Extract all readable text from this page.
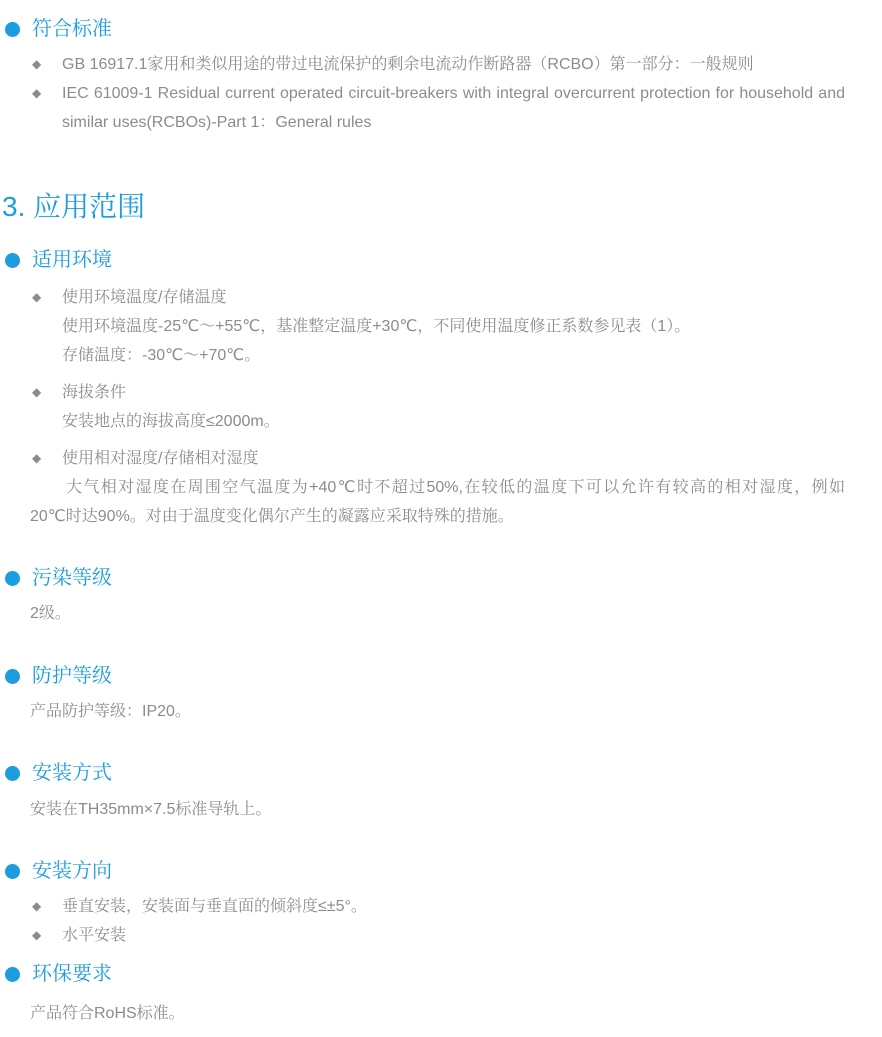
符合标准
◆	GB 16917.1家用和类似用途的带过电流保护的剩余电流动作断路器（RCBO）第一部分：一般规则
◆	IEC 61009-1 Residual current operated circuit-breakers with integral overcurrent protection for household and similar uses(RCBOs)-Part 1：General rules
3. 应用范围
适用环境
◆	使用环境温度/存储温度
使用环境温度-25℃～+55℃，基准整定温度+30℃，不同使用温度修正系数参见表（1）。
存储温度：-30℃～+70℃。
◆	海拔条件
安装地点的海拔高度≤2000m。
◆	使用相对湿度/存储相对湿度
大气相对湿度在周围空气温度为+40℃时不超过50%,在较低的温度下可以允许有较高的相对湿度，例如
20℃时达90%。对由于温度变化偶尔产生的凝露应采取特殊的措施。
污染等级
2级。
防护等级
产品防护等级：IP20。
安装方式
安装在TH35mm×7.5标准导轨上。
安装方向
◆	垂直安装，安装面与垂直面的倾斜度≤±5°。
◆	水平安装
环保要求
产品符合RoHS标准。
